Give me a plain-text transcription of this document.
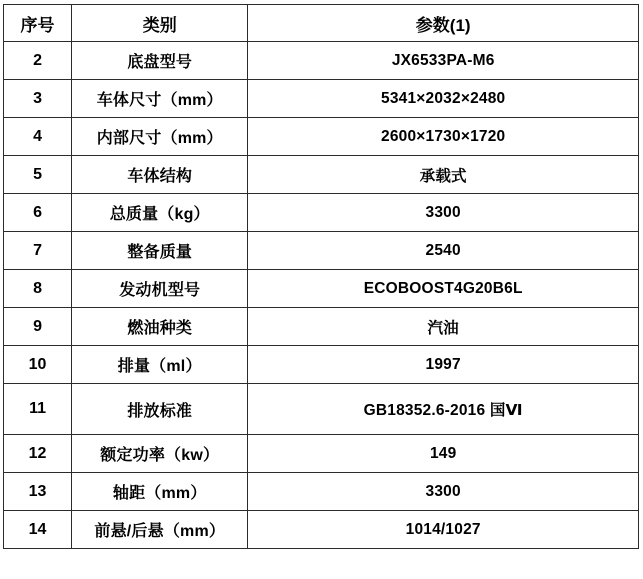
序号	类别	参数(1)
2	底盘型号	JX6533PA-M6
3	车体尺寸（mm）	5341×2032×2480
4	内部尺寸（mm）	2600×1730×1720
5	车体结构	承载式
6	总质量（kg）	3300
7	整备质量	2540
8	发动机型号	ECOBOOST4G20B6L
9	燃油种类	汽油
10	排量（ml）	1997
11	排放标准	GB18352.6-2016 国Ⅵ
12	额定功率（kw）	149
13	轴距（mm）	3300
14	前悬/后悬（mm）	1014/1027
